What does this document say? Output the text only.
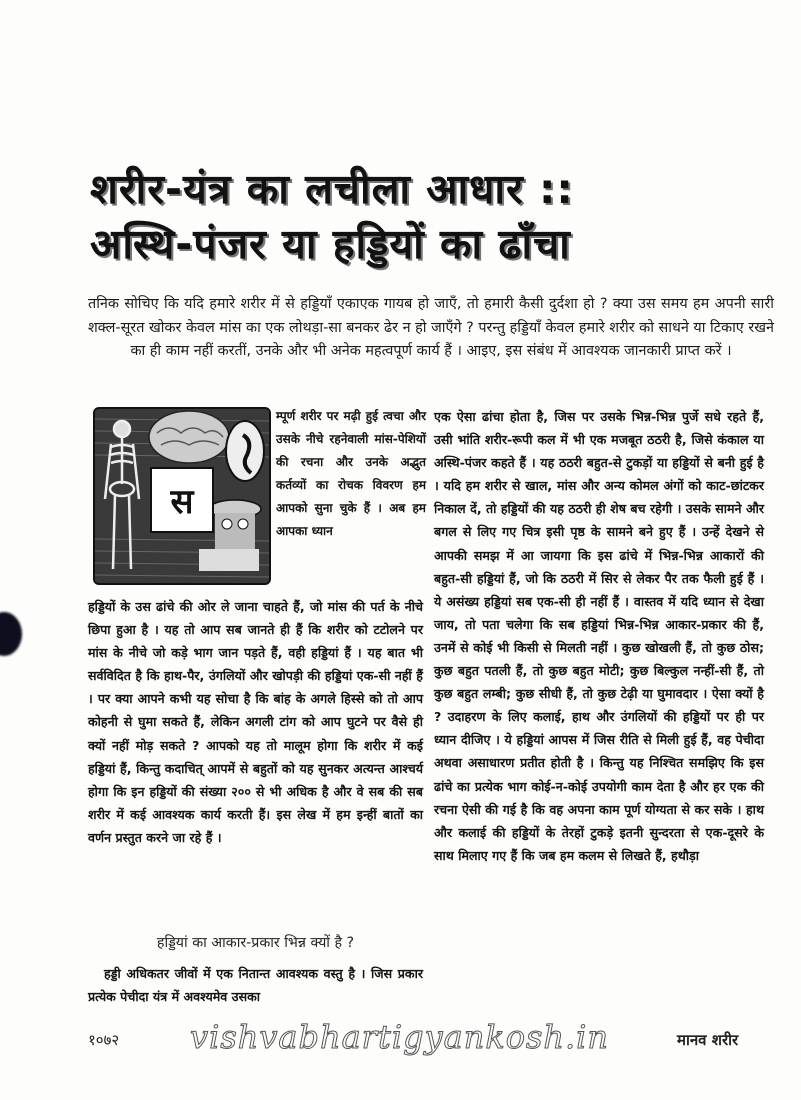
शरीर-यंत्र का लचीला आधार ::
अस्थि-पंजर या हड्डियों का ढाँचा
तनिक सोचिए कि यदि हमारे शरीर में से हड्डियाँ एकाएक गायब हो जाएँ, तो हमारी कैसी दुर्दशा हो ? क्या उस समय हम अपनी सारी शक्ल-सूरत खोकर केवल मांस का एक लोथड़ा-सा बनकर ढेर न हो जाएँगे ? परन्तु हड्डियाँ केवल हमारे शरीर को साधने या टिकाए रखने का ही काम नहीं करतीं, उनके और भी अनेक महत्वपूर्ण कार्य हैं । आइए, इस संबंध में आवश्यक जानकारी प्राप्त करें ।
स

म्पूर्ण शरीर पर मढ़ी हुई त्वचा और उसके नीचे रहनेवाली मांस-पेशियों की रचना और उनके अद्भुत कर्तव्यों का रोचक विवरण हम आपको सुना चुके हैं । अब हम आपका ध्यान

हड्डियों के उस ढांचे की ओर ले जाना चाहते हैं, जो मांस की पर्त के नीचे छिपा हुआ है । यह तो आप सब जानते ही हैं कि शरीर को टटोलने पर मांस के नीचे जो कड़े भाग जान पड़ते हैं, वही हड्डियां हैं । यह बात भी सर्वविदित है कि हाथ-पैर, उंगलियों और खोपड़ी की हड्डियां एक-सी नहीं हैं । पर क्या आपने कभी यह सोचा है कि बांह के अगले हिस्से को तो आप कोहनी से घुमा सकते हैं, लेकिन अगली टांग को आप घुटने पर वैसे ही क्यों नहीं मोड़ सकते ? आपको यह तो मालूम होगा कि शरीर में कई हड्डियां हैं, किन्तु कदाचित् आपमें से बहुतों को यह सुनकर अत्यन्त आश्चर्य होगा कि इन हड्डियों की संख्या २०० से भी अधिक है और वे सब की सब शरीर में कई आवश्यक कार्य करती हैं। इस लेख में हम इन्हीं बातों का वर्णन प्रस्तुत करने जा रहे हैं ।

हड्डियां का आकार-प्रकार भिन्न क्यों है ?

हड्डी अधिकतर जीवों में एक नितान्त आवश्यक वस्तु है । जिस प्रकार प्रत्येक पेचीदा यंत्र में अवश्यमेव उसका

एक ऐसा ढांचा होता है, जिस पर उसके भिन्न-भिन्न पुर्जे सधे रहते हैं, उसी भांति शरीर-रूपी कल में भी एक मजबूत ठठरी है, जिसे कंकाल या अस्थि-पंजर कहते हैं । यह ठठरी बहुत-से टुकड़ों या हड्डियों से बनी हुई है । यदि हम शरीर से खाल, मांस और अन्य कोमल अंगों को काट-छांटकर निकाल दें, तो हड्डियों की यह ठठरी ही शेष बच रहेगी । उसके सामने और बगल से लिए गए चित्र इसी पृष्ठ के सामने बने हुए हैं । उन्हें देखने से आपकी समझ में आ जायगा कि इस ढांचे में भिन्न-भिन्न आकारों की बहुत-सी हड्डियां हैं, जो कि ठठरी में सिर से लेकर पैर तक फैली हुई हैं । ये असंख्य हड्डियां सब एक-सी ही नहीं हैं । वास्तव में यदि ध्यान से देखा जाय, तो पता चलेगा कि सब हड्डियां भिन्न-भिन्न आकार-प्रकार की हैं, उनमें से कोई भी किसी से मिलती नहीं । कुछ खोखली हैं, तो कुछ ठोस; कुछ बहुत पतली हैं, तो कुछ बहुत मोटी; कुछ बिल्कुल नन्हीं-सी हैं, तो कुछ बहुत लम्बी; कुछ सीधी हैं, तो कुछ टेढ़ी या घुमावदार । ऐसा क्यों है ? उदाहरण के लिए कलाई, हाथ और उंगलियों की हड्डियों पर ही पर ध्यान दीजिए । ये हड्डियां आपस में जिस रीति से मिली हुई हैं, वह पेचीदा अथवा असाधारण प्रतीत होती है । किन्तु यह निश्चित समझिए कि इस ढांचे का प्रत्येक भाग कोई-न-कोई उपयोगी काम देता है और हर एक की रचना ऐसी की गई है कि वह अपना काम पूर्ण योग्यता से कर सके । हाथ और कलाई की हड्डियों के तेरहों टुकड़े इतनी सुन्दरता से एक-दूसरे के साथ मिलाए गए हैं कि जब हम कलम से लिखते हैं, हथौड़ा

१०७२ vishvabhartigyankosh.in	मानव शरीर
